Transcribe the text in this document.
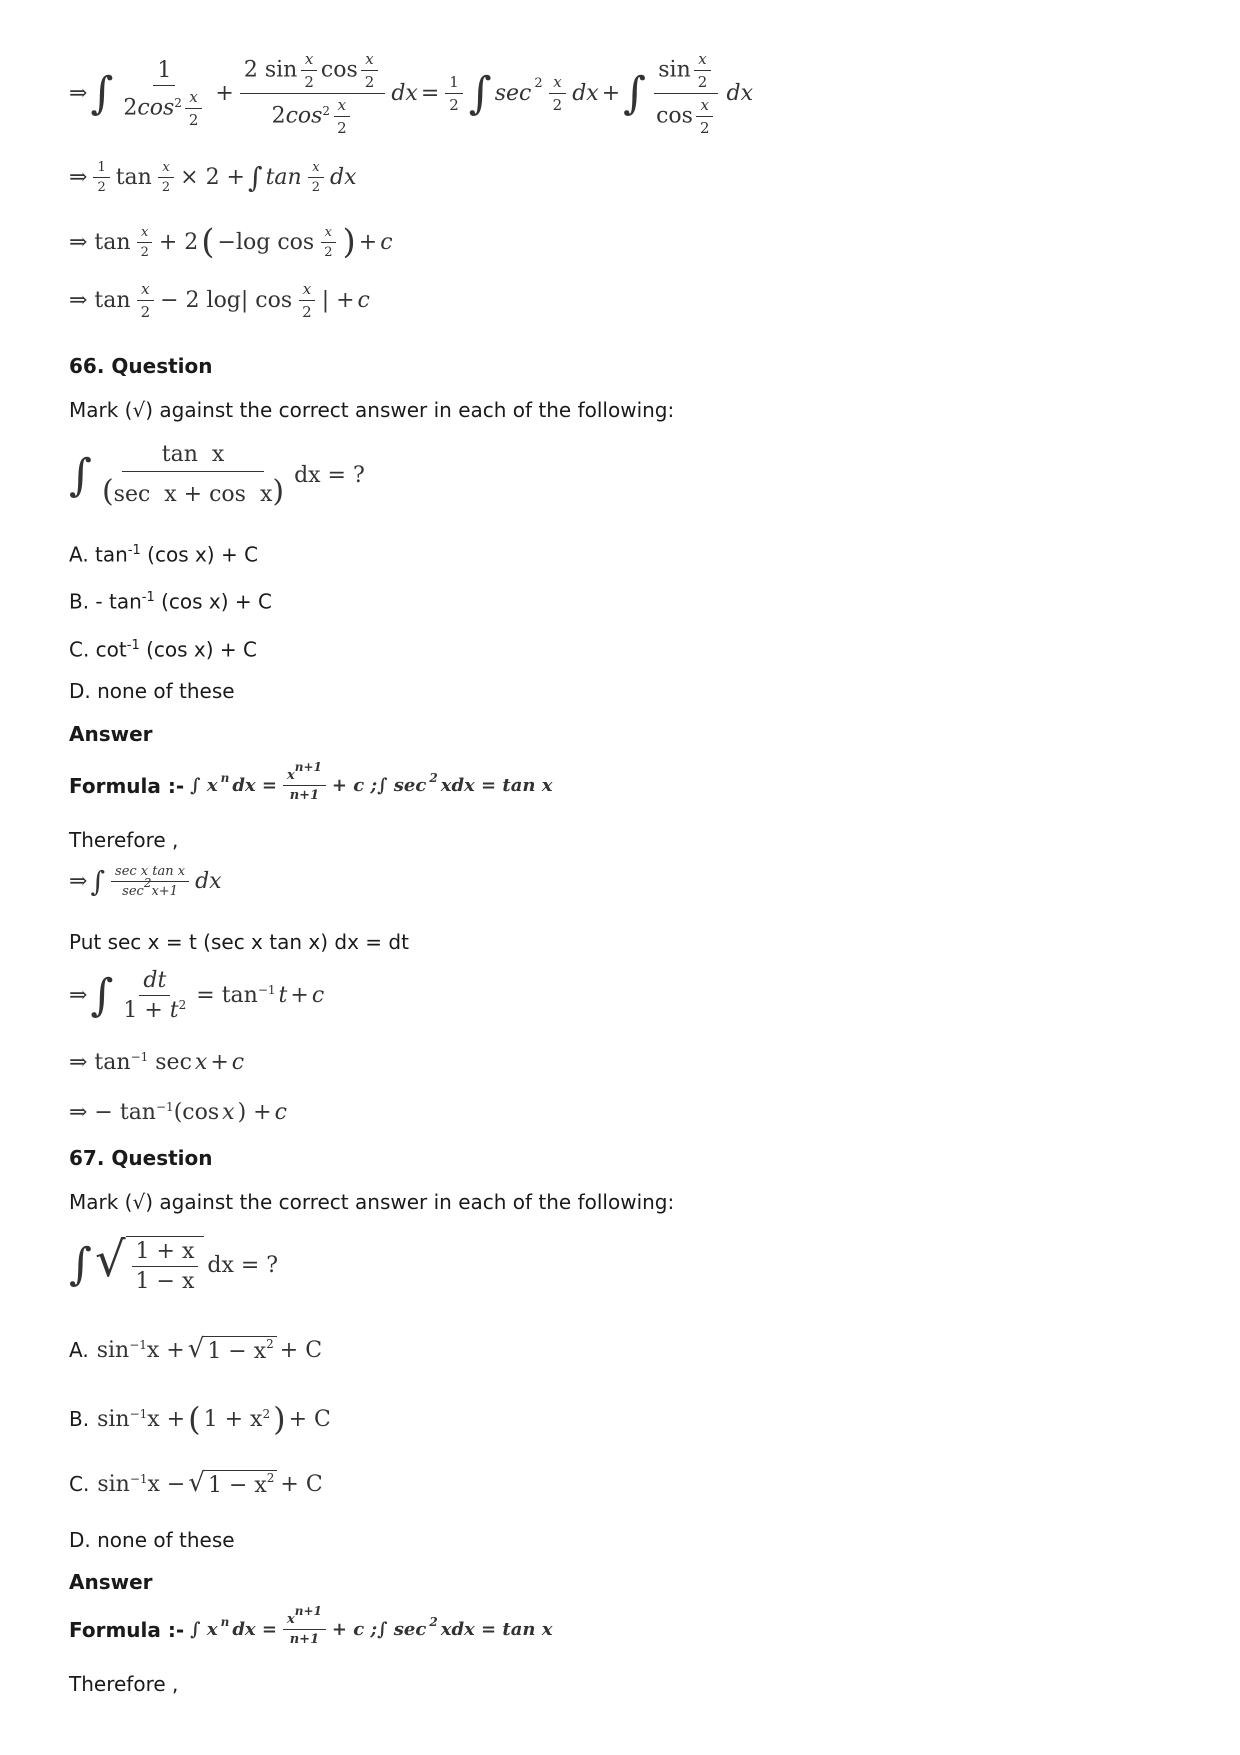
⇒ ∫ $\frac{1}{2\cos^2 \frac{x}{2}} + \frac{2 \sin \frac{x}{2} \cos \frac{x}{2}}{2\cos^2 \frac{x}{2}}$ dx = $\frac{1}{2}$ ∫ $\sec 2 \frac{x}{2}$ dx + ∫ $\frac{\sin \frac{x}{2}}{\cos \frac{x}{2}}$ dx
⇒ $\frac{1}{2}$ $\tan \frac{x}{2} \times 2$ + ∫ $\tan \frac{x}{2}$ dx
⇒ $\tan \frac{x}{2} + 2$ ( −log $\cos \frac{x}{2}$ ) + c
⇒ $\tan \frac{x}{2} - 2$ log| $\cos \frac{x}{2}$ | + c
66. Question
Mark (√) against the correct answer in each of the following:
∫ $\frac{\text{tan  x}}{\text{(sec  x + cos  x)}}$ dx = ?
A. $\tan^{-1} (\cos$ x) + C
B. - $\tan^{-1} (\cos$ x) + C
C. $\cot^{-1} (\cos$ x) + C
D. none of these
Answer
Formula :- ∫ x n dx = $\frac{xn+1}{n+1} + c$ ;∫ sec 2 xdx = tan x
Therefore ,
⇒ ∫ $\frac{\text{sec x tan x}}{\sec 2x+1}$ dx
Put sec x = t (sec x tan x) dx = dt
⇒ ∫ $\frac{dt}{1 + t^2} = \tan^{-1} t + c$
⇒ $\tan^{-1} \sec x + c$
⇒ − $\tan^{-1}(\cos$ x ) + c
67. Question
Mark (√) against the correct answer in each of the following:
∫ √ $\frac{1 + x}{1 - x}$ dx = ?
A. $\sin^{-1}x$ + √ 1 − x 2 + C
B. $\sin^{-1}x$ + ( $1 + x^2$ ) + C
C. $\sin^{-1}x$ − √ 1 − x 2 + C
D. none of these
Answer
Formula :- ∫ x n dx = $\frac{xn+1}{n+1} + c$ ;∫ sec 2 xdx = tan x
Therefore ,
